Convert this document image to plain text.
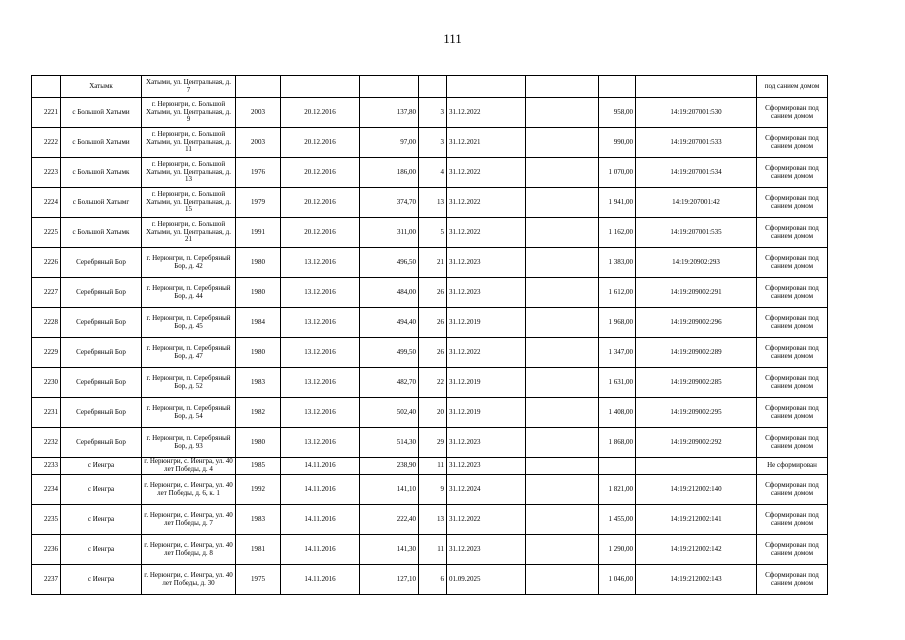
111
	Хатымк	Хатыми, ул. Центральная, д. 7									под санием домом
2221	с Большой Хатыми	г. Нерюнгри, с. Большой Хатыми, ул. Центральная, д. 9	2003	20.12.2016	137,80	3	31.12.2022		958,00	14:19:207001:530	Сформирован под санием домом
2222	с Большой Хатыми	г. Нерюнгри, с. Большой Хатыми, ул. Центральная, д. 11	2003	20.12.2016	97,00	3	31.12.2021		990,00	14:19:207001:533	Сформирован под санием домом
2223	с Большой Хатымк	г. Нерюнгри, с. Большой Хатыми, ул. Центральная, д. 13	1976	20.12.2016	186,00	4	31.12.2022		1 070,00	14:19:207001:534	Сформирован под санием домом
2224	с Большой Хатымг	г. Нерюнгри, с. Большой Хатыми, ул. Центральная, д. 15	1979	20.12.2016	374,70	13	31.12.2022		1 941,00	14:19:207001:42	Сформирован под санием домом
2225	с Большой Хатымк	г. Нерюнгри, с. Большой Хатыми, ул. Центральная, д. 21	1991	20.12.2016	311,00	5	31.12.2022		1 162,00	14:19:207001:535	Сформирован под санием домом
2226	Серебряный Бор	г. Нерюнгри, п. Серебряный Бор, д. 42	1980	13.12.2016	496,50	21	31.12.2023		1 383,00	14:19:20902:293	Сформирован под санием домом
2227	Серебряный Бор	г. Нерюнгри, п. Серебряный Бор, д. 44	1980	13.12.2016	484,00	26	31.12.2023		1 612,00	14:19:209002:291	Сформирован под санием домом
2228	Серебряный Бор	г. Нерюнгри, п. Серебряный Бор, д. 45	1984	13.12.2016	494,40	26	31.12.2019		1 968,00	14:19:209002:296	Сформирован под санием домом
2229	Серебряный Бор	г. Нерюнгри, п. Серебряный Бор, д. 47	1980	13.12.2016	499,50	26	31.12.2022		1 347,00	14:19:209002:289	Сформирован под санием домом
2230	Серебряный Бор	г. Нерюнгри, п. Серебряный Бор, д. 52	1983	13.12.2016	482,70	22	31.12.2019		1 631,00	14:19:209002:285	Сформирован под санием домом
2231	Серебряный Бор	г. Нерюнгри, п. Серебряный Бор, д. 54	1982	13.12.2016	502,40	20	31.12.2019		1 408,00	14:19:209002:295	Сформирован под санием домом
2232	Серебряный Бор	г. Нерюнгри, п. Серебряный Бор, д. 93	1980	13.12.2016	514,30	29	31.12.2023		1 868,00	14:19:209002:292	Сформирован под санием домом
2233	с Иенгра	г. Нерюнгри, с. Иенгра, ул. 40 лет Победы, д. 4	1985	14.11.2016	238,90	11	31.12.2023				Не сформирован
2234	с Иенгра	г. Нерюнгри, с. Иенгра, ул. 40 лет Победы, д. 6, к. 1	1992	14.11.2016	141,10	9	31.12.2024		1 821,00	14:19:212002:140	Сформирован под санием домом
2235	с Иенгра	г. Нерюнгри, с. Иенгра, ул. 40 лет Победы, д. 7	1983	14.11.2016	222,40	13	31.12.2022		1 455,00	14:19:212002:141	Сформирован под санием домом
2236	с Иенгра	г. Нерюнгри, с. Иенгра, ул. 40 лет Победы, д. 8	1981	14.11.2016	141,30	11	31.12.2023		1 290,00	14:19:212002:142	Сформирован под санием домом
2237	с Иенгра	г. Нерюнгри, с. Иенгра, ул. 40 лет Победы, д. 30	1975	14.11.2016	127,10	6	01.09.2025		1 046,00	14:19:212002:143	Сформирован под санием домом
